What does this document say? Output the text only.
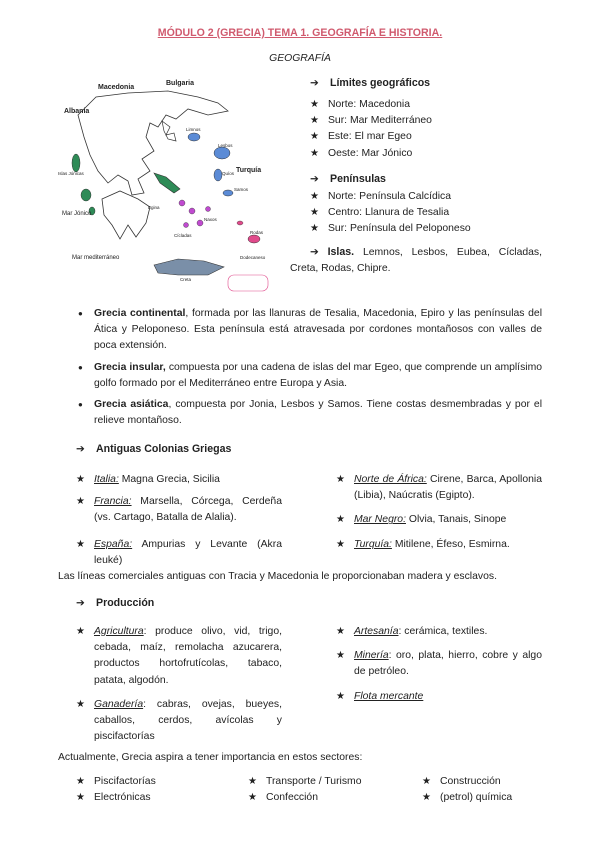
MÓDULO 2 (GRECIA) TEMA 1. GEOGRAFÍA E HISTORIA.
GEOGRAFÍA
Macedonia
Bulgaria
Albania
Turquía
Mar Jónico
Mar mediterráneo
Limnos
Lesbos
Quíos
Samos
Egina
Naxos
Rodas
Dodecaneso
Cícladas
Creta
Islas Jónicas
➔ Límites geográficos
★ Norte: Macedonia
★ Sur: Mar Mediterráneo
★ Este: El mar Egeo
★ Oeste: Mar Jónico
➔ Penínsulas
★ Norte: Península Calcídica
★ Centro: Llanura de Tesalia
★ Sur: Península del Peloponeso
➔ Islas. Lemnos, Lesbos, Eubea, Cícladas, Creta, Rodas, Chipre.
● Grecia continental, formada por las llanuras de Tesalia, Macedonia, Epiro y las penínsulas del Ática y Peloponeso. Esta península está atravesada por cordones montañosos con valles de poca extensión.
● Grecia insular, compuesta por una cadena de islas del mar Egeo, que comprende un amplísimo golfo formado por el Mediterráneo entre Europa y Asia.
● Grecia asiática, compuesta por Jonia, Lesbos y Samos. Tiene costas desmembradas y por el relieve montañoso.
➔ Antiguas Colonias Griegas
★ Italia: Magna Grecia, Sicilia
★ Francia: Marsella, Córcega, Cerdeña (vs. Cartago, Batalla de Alalia).
★ España: Ampurias y Levante (Akra leuké)
★ Norte de África: Cirene, Barca, Apollonia (Libia), Naúcratis (Egipto).
★ Mar Negro: Olvia, Tanais, Sinope
★ Turquía: Mitilene, Éfeso, Esmirna.
Las líneas comerciales antiguas con Tracia y Macedonia le proporcionaban madera y esclavos.
➔ Producción
★ Agricultura: produce olivo, vid, trigo, cebada, maíz, remolacha azucarera, productos hortofrutícolas, tabaco, patata, algodón.
★ Ganadería: cabras, ovejas, bueyes, caballos, cerdos, avícolas y piscifactorías
★ Artesanía: cerámica, textiles.
★ Minería: oro, plata, hierro, cobre y algo de petróleo.
★ Flota mercante
Actualmente, Grecia aspira a tener importancia en estos sectores:
★ Piscifactorías
★ Electrónicas
★ Transporte / Turismo
★ Confección
★ Construcción
★ (petrol) química
